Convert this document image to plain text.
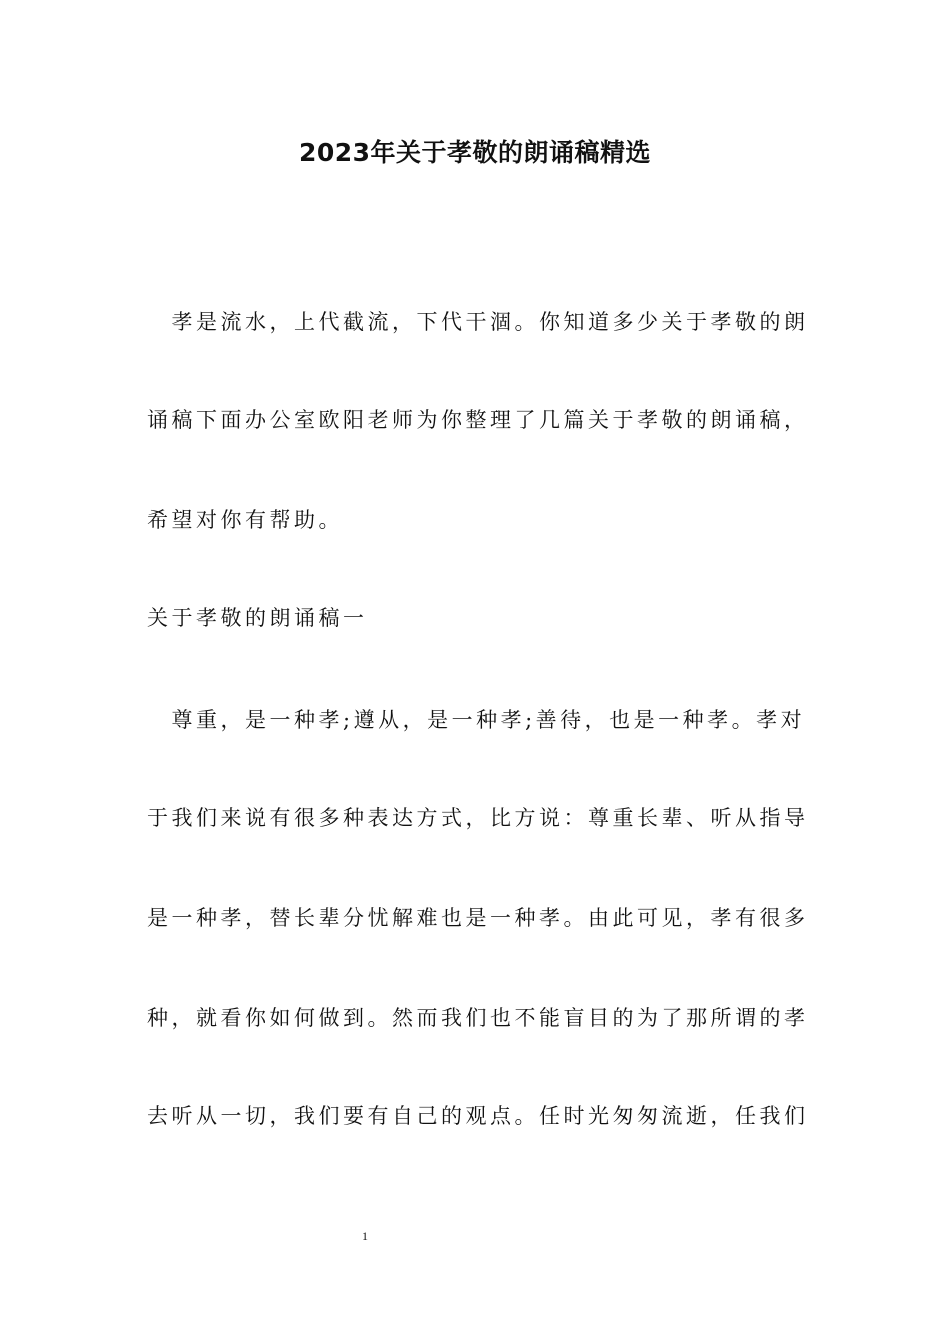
2023年关于孝敬的朗诵稿精选

　孝是流水，上代截流，下代干涸。你知道多少关于孝敬的朗

诵稿下面办公室欧阳老师为你整理了几篇关于孝敬的朗诵稿，

希望对你有帮助。

关于孝敬的朗诵稿一

　尊重，是一种孝;遵从，是一种孝;善待，也是一种孝。孝对

于我们来说有很多种表达方式，比方说：尊重长辈、听从指导

是一种孝，替长辈分忧解难也是一种孝。由此可见，孝有很多

种，就看你如何做到。然而我们也不能盲目的为了那所谓的孝

去听从一切，我们要有自己的观点。任时光匆匆流逝，任我们

1
